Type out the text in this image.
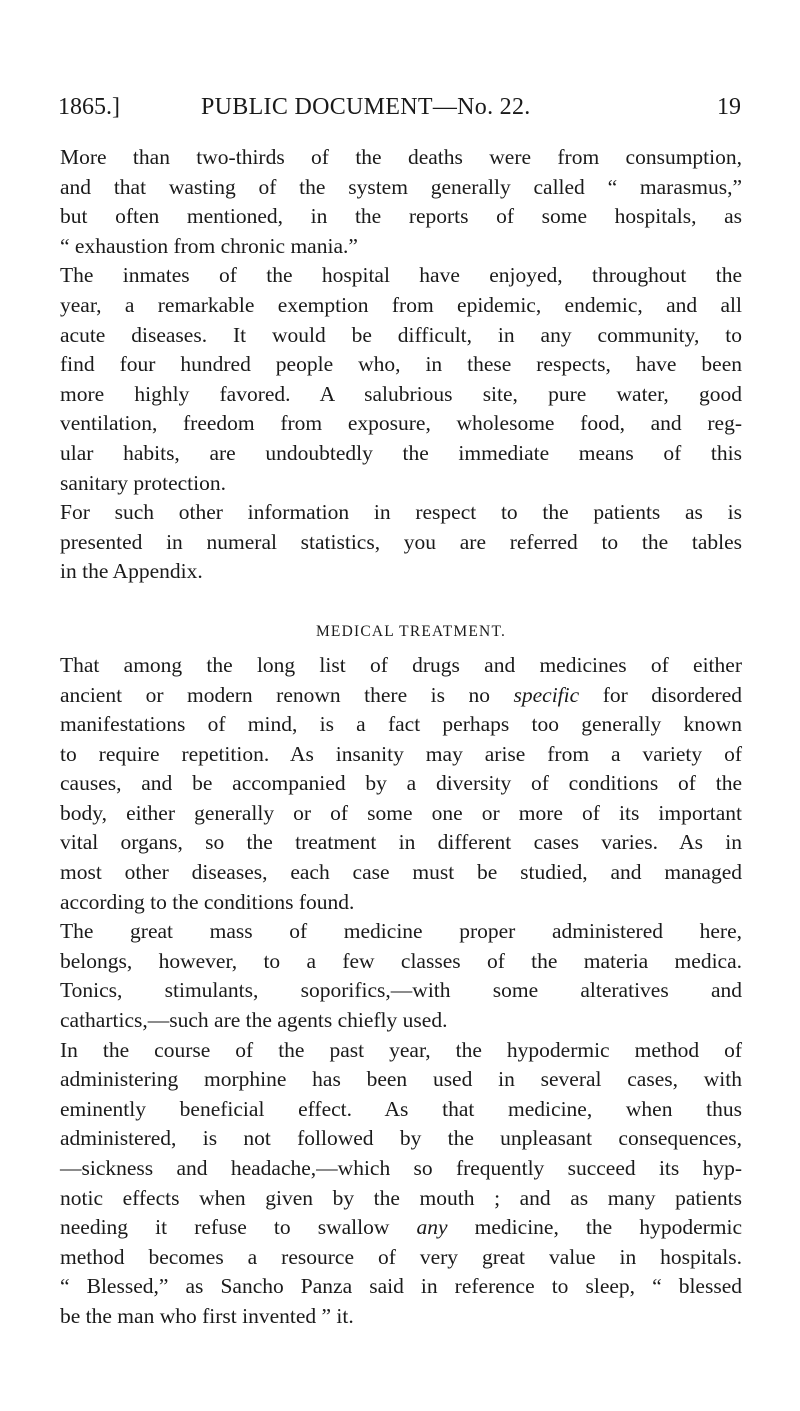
1865.]	PUBLIC DOCUMENT—No. 22.	19

More than two-thirds of the deaths were from consumption,
and that wasting of the system generally called “ marasmus,”
but often mentioned, in the reports of some hospitals, as
“ exhaustion from chronic mania.”

The inmates of the hospital have enjoyed, throughout the
year, a remarkable exemption from epidemic, endemic, and all
acute diseases. It would be difficult, in any community, to
find four hundred people who, in these respects, have been
more highly favored. A salubrious site, pure water, good
ventilation, freedom from exposure, wholesome food, and reg-
ular habits, are undoubtedly the immediate means of this
sanitary protection.

For such other information in respect to the patients as is
presented in numeral statistics, you are referred to the tables
in the Appendix.

MEDICAL TREATMENT.

That among the long list of drugs and medicines of either
ancient or modern renown there is no specific for disordered
manifestations of mind, is a fact perhaps too generally known
to require repetition. As insanity may arise from a variety of
causes, and be accompanied by a diversity of conditions of the
body, either generally or of some one or more of its important
vital organs, so the treatment in different cases varies. As in
most other diseases, each case must be studied, and managed
according to the conditions found.

The great mass of medicine proper administered here,
belongs, however, to a few classes of the materia medica.
Tonics, stimulants, soporifics,—with some alteratives and
cathartics,—such are the agents chiefly used.

In the course of the past year, the hypodermic method of
administering morphine has been used in several cases, with
eminently beneficial effect. As that medicine, when thus
administered, is not followed by the unpleasant consequences,
—sickness and headache,—which so frequently succeed its hyp-
notic effects when given by the mouth ; and as many patients
needing it refuse to swallow any medicine, the hypodermic
method becomes a resource of very great value in hospitals.
“ Blessed,” as Sancho Panza said in reference to sleep, “ blessed
be the man who first invented ” it.
